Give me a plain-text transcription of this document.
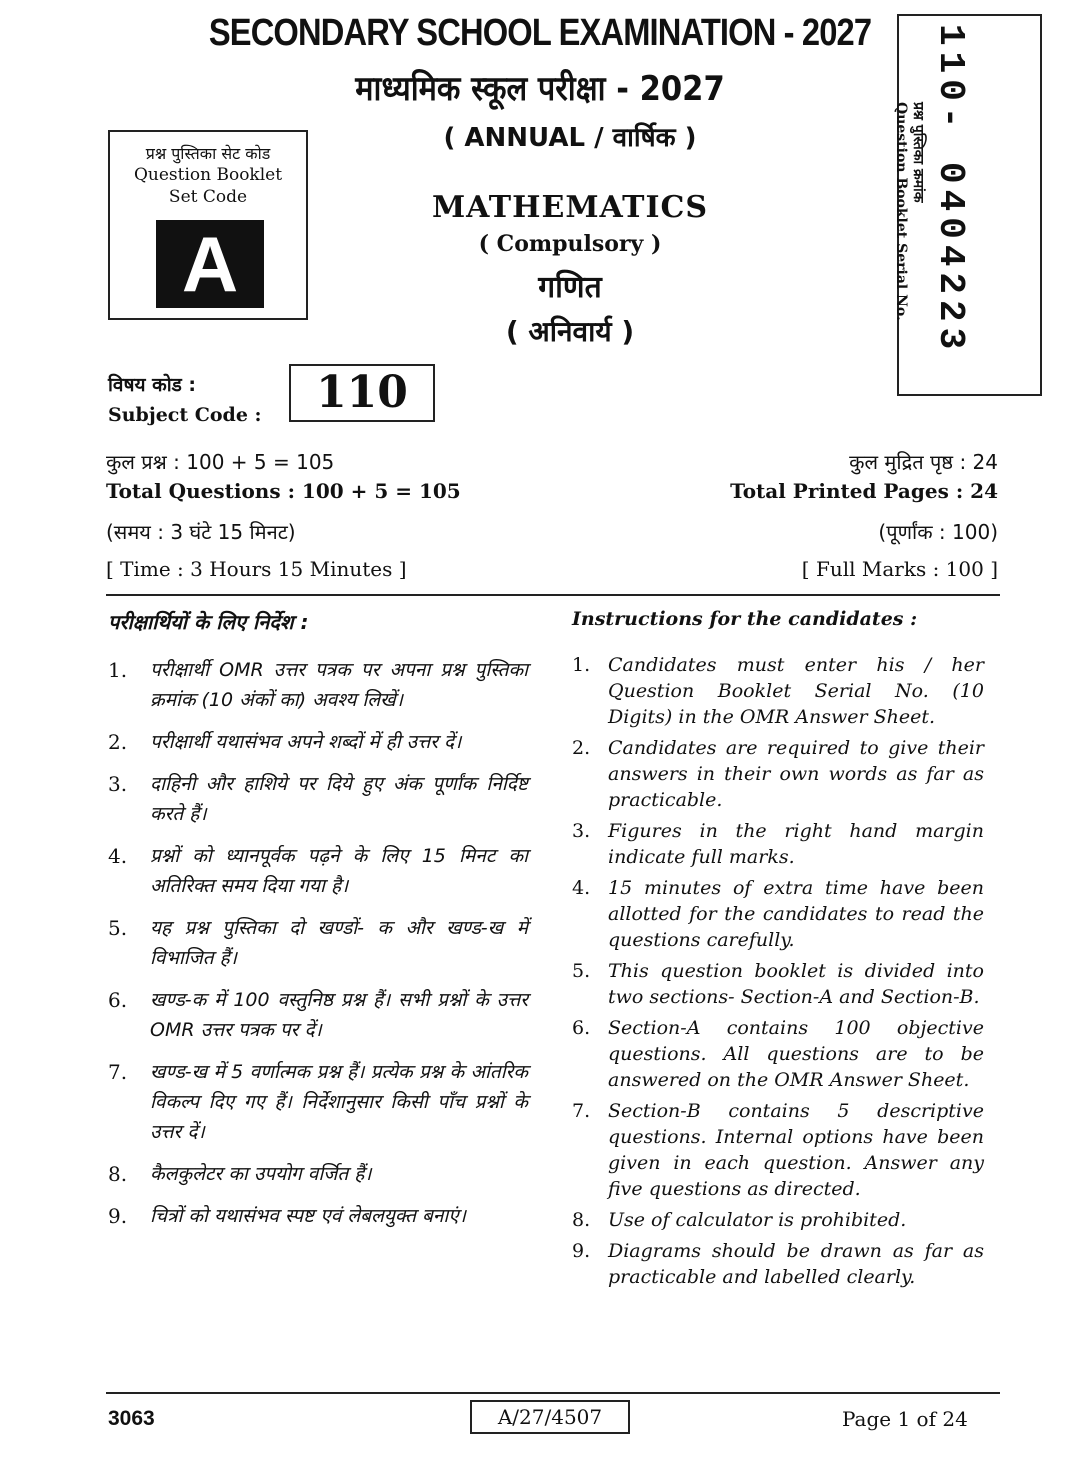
SECONDARY SCHOOL EXAMINATION - 2027
माध्यमिक स्कूल परीक्षा - 2027
( ANNUAL / वार्षिक )
प्रश्न पुस्तिका सेट कोड
Question Booklet
Set Code
A
MATHEMATICS
( Compulsory )
गणित
( अनिवार्य )	110- 0404223
प्रश्न पुस्तिका क्रमांक
Question Booklet Serial No.
विषय कोड :
Subject Code :	110
कुल प्रश्न : 100 + 5 = 105	कुल मुद्रित पृष्ठ : 24
Total Questions : 100 + 5 = 105	Total Printed Pages : 24
(समय : 3 घंटे 15 मिनट)	(पूर्णांक : 100)
[ Time : 3 Hours 15 Minutes ]	[ Full Marks : 100 ]
परीक्षार्थियों के लिए निर्देश :
1.	परीक्षार्थी OMR उत्तर पत्रक पर अपना प्रश्न पुस्तिका क्रमांक (10 अंकों का) अवश्य लिखें।
2.	परीक्षार्थी यथासंभव अपने शब्दों में ही उत्तर दें।
3.	दाहिनी और हाशिये पर दिये हुए अंक पूर्णांक निर्दिष्ट करते हैं।
4.	प्रश्नों को ध्यानपूर्वक पढ़ने के लिए 15 मिनट का अतिरिक्त समय दिया गया है।
5.	यह प्रश्न पुस्तिका दो खण्डों- क और खण्ड-ख में विभाजित हैं।
6.	खण्ड-क में 100 वस्तुनिष्ठ प्रश्न हैं। सभी प्रश्नों के उत्तर OMR उत्तर पत्रक पर दें।
7.	खण्ड-ख में 5 वर्णात्मक प्रश्न हैं। प्रत्येक प्रश्न के आंतरिक विकल्प दिए गए हैं। निर्देशानुसार किसी पाँच प्रश्नों के उत्तर दें।
8.	कैलकुलेटर का उपयोग वर्जित हैं।
9.	चित्रों को यथासंभव स्पष्ट एवं लेबलयुक्त बनाएं।
Instructions for the candidates :
1. Candidates must enter his / her Question Booklet Serial No. (10 Digits) in the OMR Answer Sheet.
2. Candidates are required to give their answers in their own words as far as practicable.
3. Figures in the right hand margin indicate full marks.
4. 15 minutes of extra time have been allotted for the candidates to read the questions carefully.
5. This question booklet is divided into two sections- Section-A and Section-B.
6. Section-A contains 100 objective questions. All questions are to be answered on the OMR Answer Sheet.
7. Section-B contains 5 descriptive questions. Internal options have been given in each question. Answer any five questions as directed.
8. Use of calculator is prohibited.
9. Diagrams should be drawn as far as practicable and labelled clearly.
3063	A/27/4507	Page 1 of 24
